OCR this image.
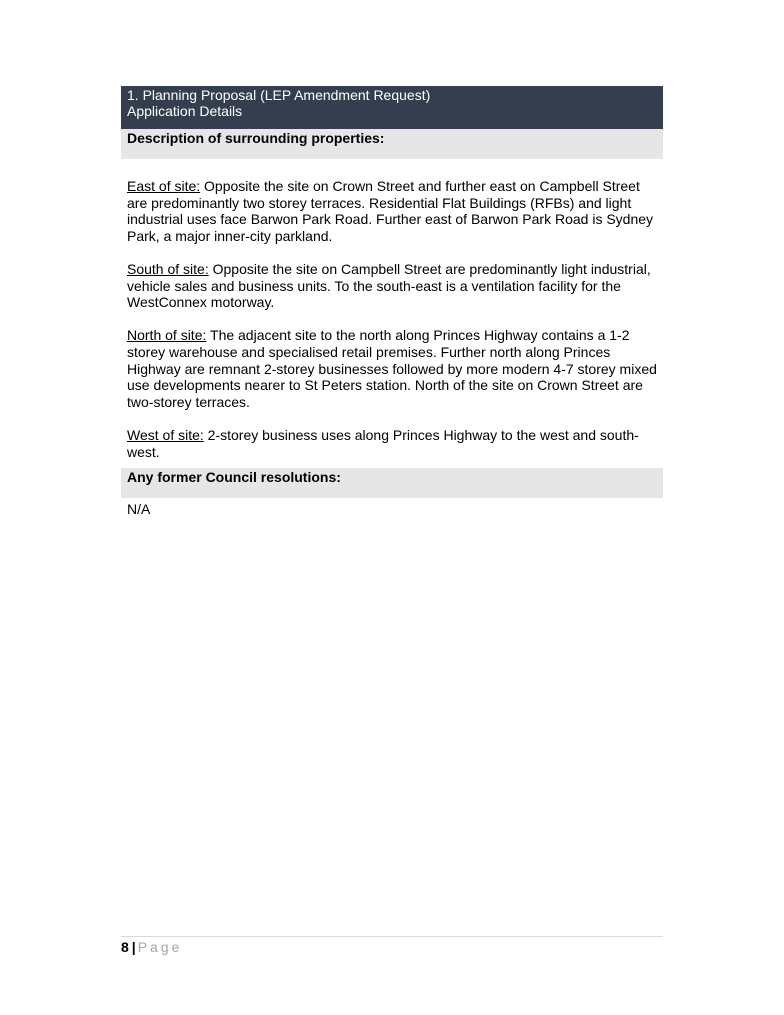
1. Planning Proposal (LEP Amendment Request)
Application Details
Description of surrounding properties:

East of site: Opposite the site on Crown Street and further east on Campbell Street are predominantly two storey terraces. Residential Flat Buildings (RFBs) and light industrial uses face Barwon Park Road. Further east of Barwon Park Road is Sydney Park, a major inner-city parkland.

South of site: Opposite the site on Campbell Street are predominantly light industrial, vehicle sales and business units. To the south-east is a ventilation facility for the WestConnex motorway.

North of site: The adjacent site to the north along Princes Highway contains a 1-2 storey warehouse and specialised retail premises. Further north along Princes Highway are remnant 2-storey businesses followed by more modern 4-7 storey mixed use developments nearer to St Peters station. North of the site on Crown Street are two-storey terraces.

West of site: 2-storey business uses along Princes Highway to the west and south-west.

Any former Council resolutions:
N/A
8 | Page
